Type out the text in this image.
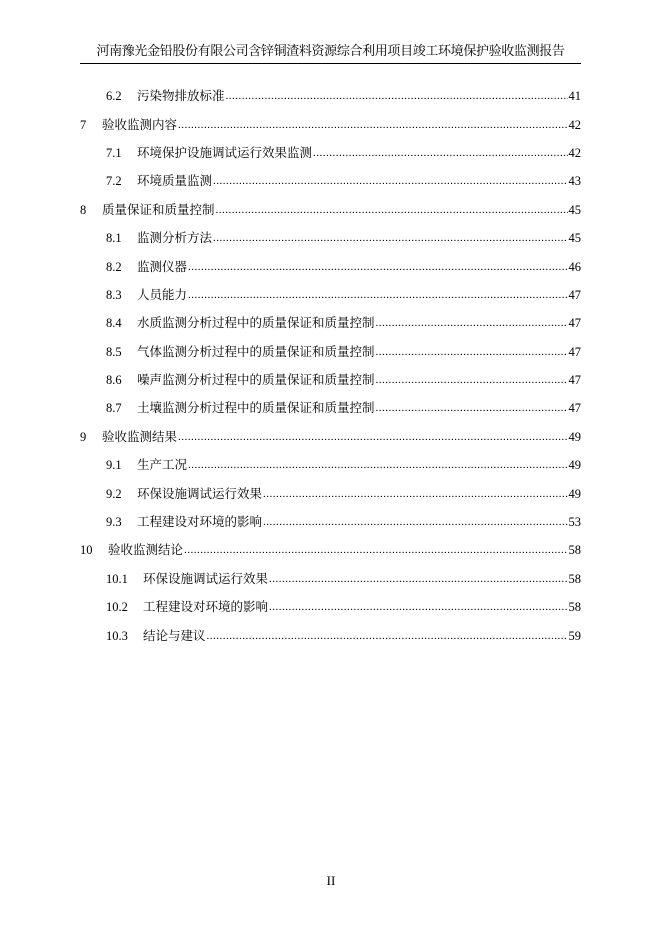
河南豫光金铅股份有限公司含锌铜渣料资源综合利用项目竣工环境保护验收监测报告
6.2	污染物排放标准 .....	41
7	验收监测内容 .....	42
7.1	环境保护设施调试运行效果监测 .....	42
7.2	环境质量监测 .....	43
8	质量保证和质量控制 .....	45
8.1	监测分析方法 .....	45
8.2	监测仪器 .....	46
8.3	人员能力 .....	47
8.4	水质监测分析过程中的质量保证和质量控制 .....	47
8.5	气体监测分析过程中的质量保证和质量控制 .....	47
8.6	噪声监测分析过程中的质量保证和质量控制 .....	47
8.7	土壤监测分析过程中的质量保证和质量控制 .....	47
9	验收监测结果 .....	49
9.1	生产工况 .....	49
9.2	环保设施调试运行效果 .....	49
9.3	工程建设对环境的影响 .....	53
10	验收监测结论 .....	58
10.1	环保设施调试运行效果 .....	58
10.2	工程建设对环境的影响 .....	58
10.3	结论与建议 .....	59
II
